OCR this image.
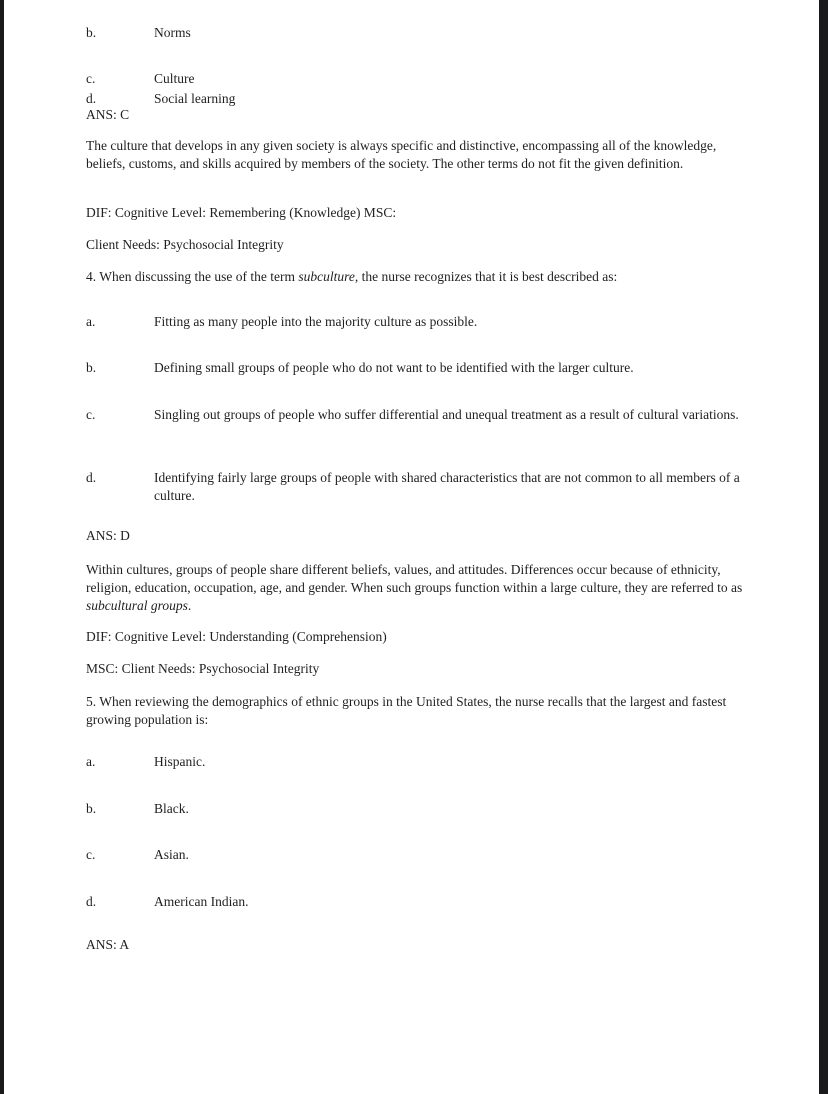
b.	Norms
c.	Culture
d.	Social learning
ANS: C
The culture that develops in any given society is always specific and distinctive, encompassing all of the knowledge, beliefs, customs, and skills acquired by members of the society. The other terms do not fit the given definition.
DIF: Cognitive Level: Remembering (Knowledge) MSC:
Client Needs: Psychosocial Integrity
4. When discussing the use of the term subculture, the nurse recognizes that it is best described as:
a.	Fitting as many people into the majority culture as possible.
b.	Defining small groups of people who do not want to be identified with the larger culture.
c.	Singling out groups of people who suffer differential and unequal treatment as a result of cultural variations.
d.	Identifying fairly large groups of people with shared characteristics that are not common to all members of a culture.
ANS: D
Within cultures, groups of people share different beliefs, values, and attitudes. Differences occur because of ethnicity, religion, education, occupation, age, and gender. When such groups function within a large culture, they are referred to as subcultural groups.
DIF: Cognitive Level: Understanding (Comprehension)
MSC: Client Needs: Psychosocial Integrity
5. When reviewing the demographics of ethnic groups in the United States, the nurse recalls that the largest and fastest growing population is:
a.	Hispanic.
b.	Black.
c.	Asian.
d.	American Indian.
ANS: A
